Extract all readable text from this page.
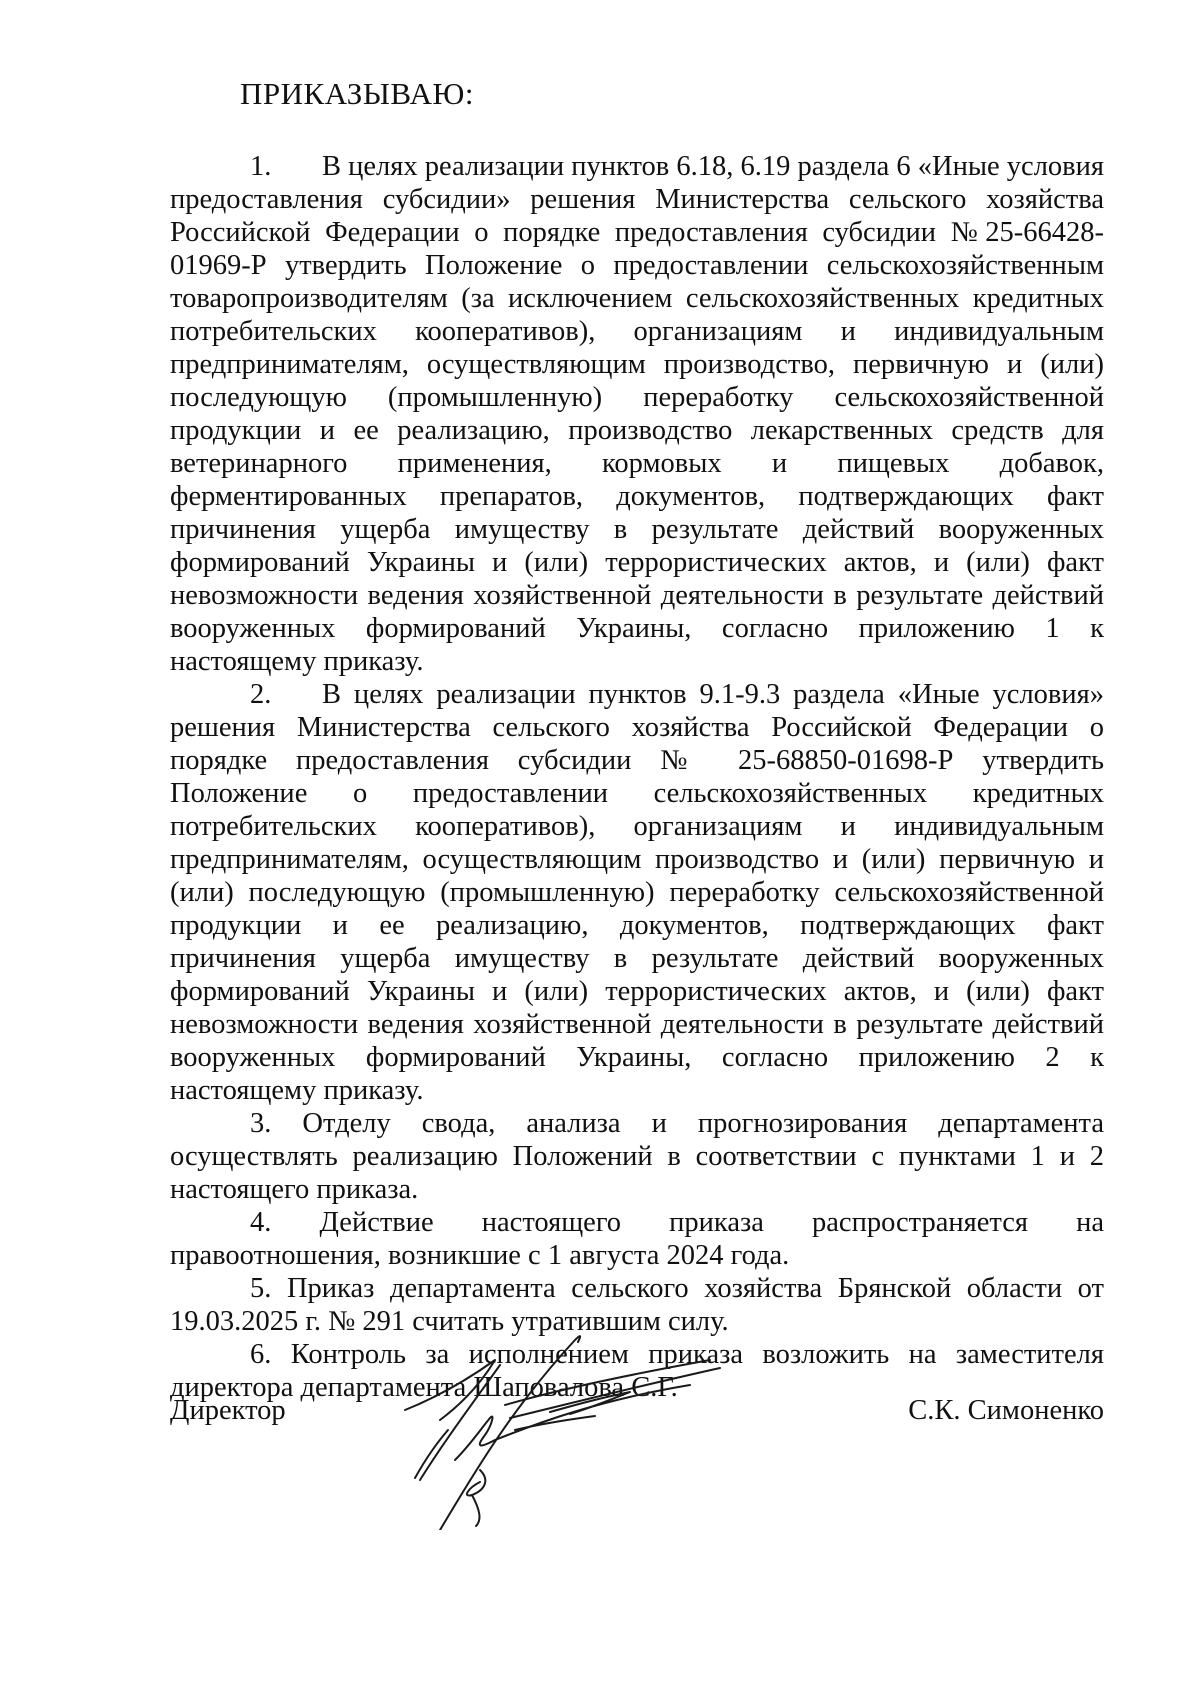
ПРИКАЗЫВАЮ:

1. В целях реализации пунктов 6.18, 6.19 раздела 6 «Иные условия предоставления субсидии» решения Министерства сельского хозяйства Российской Федерации о порядке предоставления субсидии №25-66428-01969-Р утвердить Положение о предоставлении сельскохозяйственным товаропроизводителям (за исключением сельскохозяйственных кредитных потребительских кооперативов), организациям и индивидуальным предпринимателям, осуществляющим производство, первичную и (или) последующую (промышленную) переработку сельскохозяйственной продукции и ее реализацию, производство лекарственных средств для ветеринарного применения, кормовых и пищевых добавок, ферментированных препаратов, документов, подтверждающих факт причинения ущерба имуществу в результате действий вооруженных формирований Украины и (или) террористических актов, и (или) факт невозможности ведения хозяйственной деятельности в результате действий вооруженных формирований Украины, согласно приложению 1 к настоящему приказу.

2. В целях реализации пунктов 9.1-9.3 раздела «Иные условия» решения Министерства сельского хозяйства Российской Федерации о порядке предоставления субсидии № 25-68850-01698-Р утвердить Положение о предоставлении сельскохозяйственных кредитных потребительских кооперативов), организациям и индивидуальным предпринимателям, осуществляющим производство и (или) первичную и (или) последующую (промышленную) переработку сельскохозяйственной продукции и ее реализацию, документов, подтверждающих факт причинения ущерба имуществу в результате действий вооруженных формирований Украины и (или) террористических актов, и (или) факт невозможности ведения хозяйственной деятельности в результате действий вооруженных формирований Украины, согласно приложению 2 к настоящему приказу.

3. Отделу свода, анализа и прогнозирования департамента осуществлять реализацию Положений в соответствии с пунктами 1 и 2 настоящего приказа.

4. Действие настоящего приказа распространяется на правоотношения, возникшие с 1 августа 2024 года.

5. Приказ департамента сельского хозяйства Брянской области от 19.03.2025 г. № 291 считать утратившим силу.

6. Контроль за исполнением приказа возложить на заместителя директора департамента Шаповалова С.Г.

Директор	С.К. Симоненко
